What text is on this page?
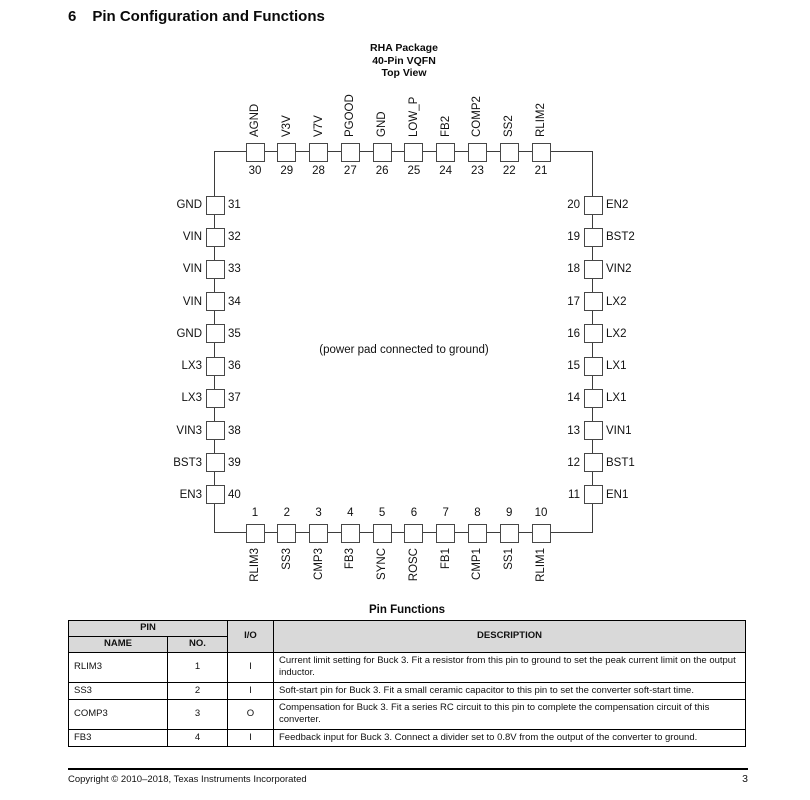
6 Pin Configuration and Functions
RHA Package
40-Pin VQFN
Top View
(power pad connected to ground)
30
AGND
29
V3V
28
V7V
27
PGOOD
26
GND
25
LOW_P
24
FB2
23
COMP2
22
SS2
21
RLIM2
1
RLIM3
2
SS3
3
CMP3
4
FB3
5
SYNC
6
ROSC
7
FB1
8
CMP1
9
SS1
10
RLIM1
31
GND
32
VIN
33
VIN
34
VIN
35
GND
36
LX3
37
LX3
38
VIN3
39
BST3
40
EN3
20 EN2
19 BST2
18 VIN2
17 LX2
16 LX2
15 LX1
14 LX1
13 VIN1
12 BST1
11 EN1
Pin Functions
PIN		I/O	DESCRIPTION
NAME	NO.		
RLIM3	1	I	Current limit setting for Buck 3. Fit a resistor from this pin to ground to set the peak current limit on the output inductor.
SS3	2	I	Soft-start pin for Buck 3. Fit a small ceramic capacitor to this pin to set the converter soft-start time.
COMP3	3	O	Compensation for Buck 3. Fit a series RC circuit to this pin to complete the compensation circuit of this converter.
FB3	4	I	Feedback input for Buck 3. Connect a divider set to 0.8V from the output of the converter to ground.
Copyright © 2010–2018, Texas Instruments Incorporated	3
